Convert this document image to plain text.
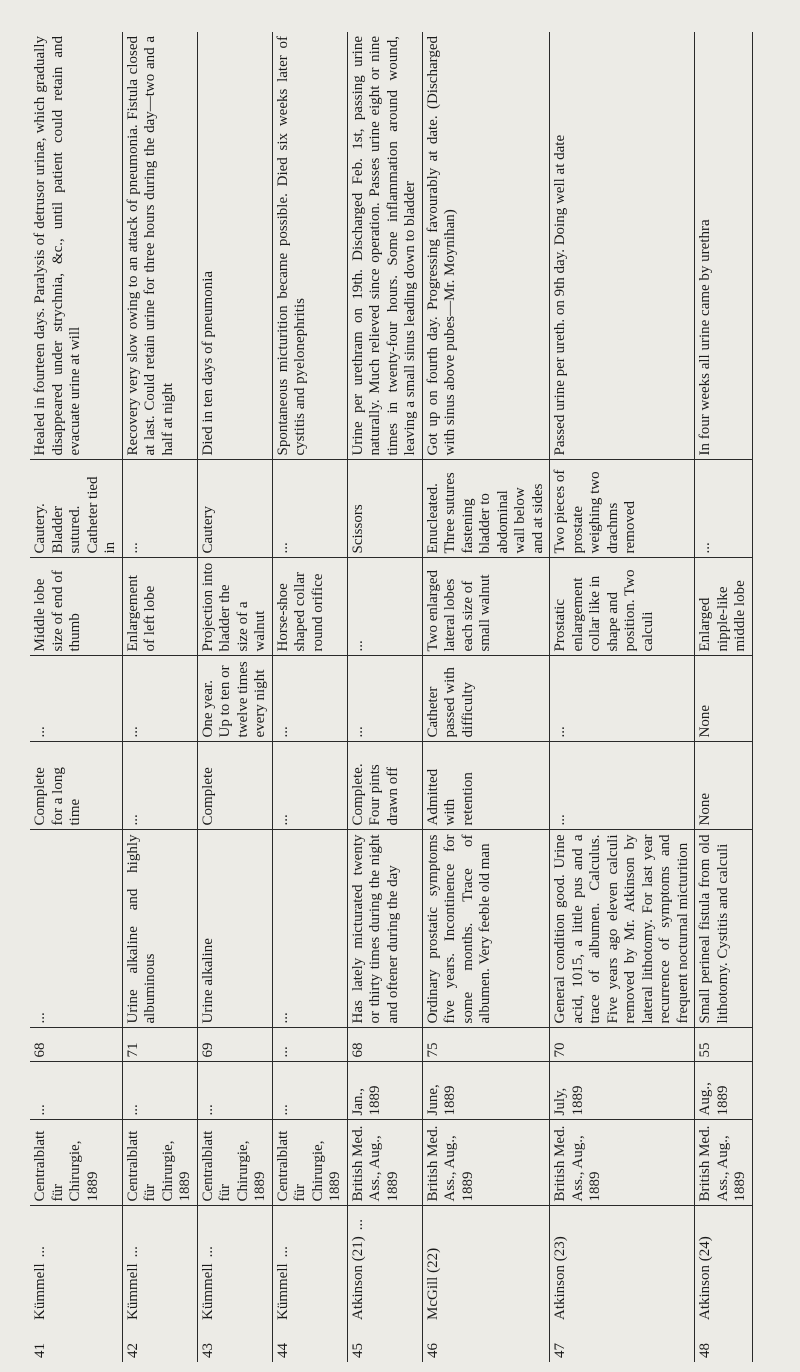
41	Kümmell...	Centralblatt für Chirurgie, 1889	...	68	...	Complete for a long time	...	Middle lobe size of end of thumb	Cautery. Bladder sutured. Catheter tied in	Healed in fourteen days. Paralysis of detrusor urinæ, which gradually disappeared under strychnia, &c., until patient could retain and evacuate urine at will
42	Kümmell...	Centralblatt für Chirurgie, 1889	...	71	Urine alkaline and highly albuminous	...	...	Enlargement of left lobe	...	Recovery very slow owing to an attack of pneumonia. Fistula closed at last. Could retain urine for three hours during the day—two and a half at night
43	Kümmell...	Centralblatt für Chirurgie, 1889	...	69	Urine alkaline	Complete	One year. Up to ten or twelve times every night	Projection into bladder the size of a walnut	Cautery	Died in ten days of pneumonia
44	Kümmell...	Centralblatt für Chirurgie, 1889	...	...	...	...	...	Horse-shoe shaped collar round orifice	...	Spontaneous micturition became possible. Died six weeks later of cystitis and pyelonephritis
45	Atkinson (21)...	British Med. Ass., Aug., 1889	Jan., 1889	68	Has lately micturated twenty or thirty times during the night and oftener during the day	Complete. Four pints drawn off	...	...	Scissors	Urine per urethram on 19th. Discharged Feb. 1st, passing urine naturally. Much relieved since operation. Passes urine eight or nine times in twenty-four hours. Some inflammation around wound, leaving a small sinus leading down to bladder
46	McGill (22)	British Med. Ass., Aug., 1889	June, 1889	75	Ordinary prostatic symptoms five years. Incontinence for some months. Trace of albumen. Very feeble old man	Admitted with retention	Catheter passed with difficulty	Two enlarged lateral lobes each size of small walnut	Enucleated. Three sutures fastening bladder to abdominal wall below and at sides	Got up on fourth day. Progressing favourably at date. (Discharged with sinus above pubes—Mr. Moynihan)
47	Atkinson (23)	British Med. Ass., Aug., 1889	July, 1889	70	General condition good. Urine acid, 1015, a little pus and a trace of albumen. Calculus. Five years ago eleven calculi removed by Mr. Atkinson by lateral lithotomy. For last year recurrence of symptoms and frequent nocturnal micturition	...	...	Prostatic enlargement collar like in shape and position. Two calculi	Two pieces of prostate weighing two drachms removed	Passed urine per ureth. on 9th day. Doing well at date
48	Atkinson (24)	British Med. Ass., Aug., 1889	Aug., 1889	55	Small perineal fistula from old lithotomy. Cystitis and calculi	None	None	Enlarged nipple-like middle lobe	...	In four weeks all urine came by urethra
